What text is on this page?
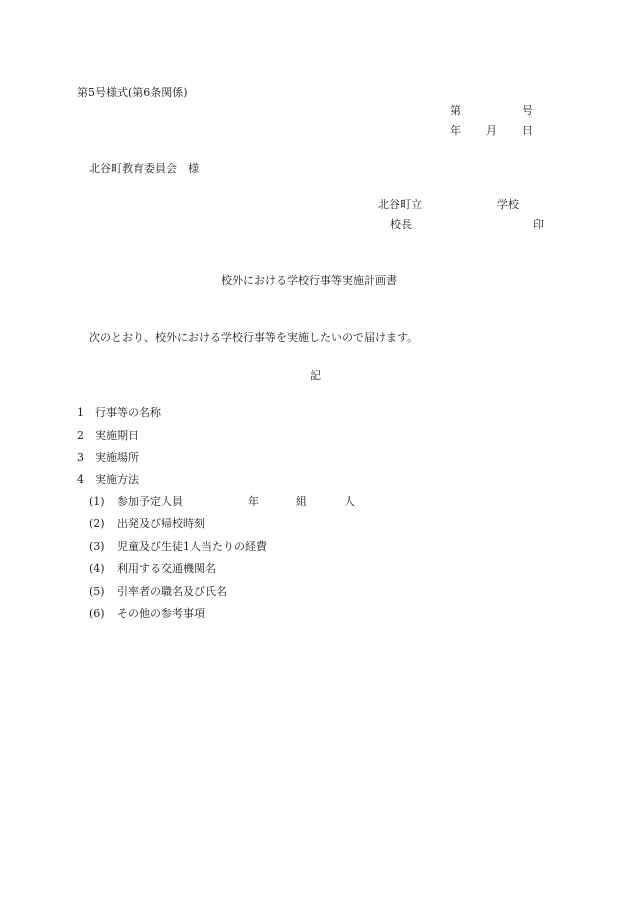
第5号様式(第6条関係)
第	号
年 月 日
北谷町教育委員会　様
北谷町立	学校
校長	印
校外における学校行事等実施計画書
次のとおり、校外における学校行事等を実施したいので届けます。
記
1 行事等の名称
2 実施期日
3 実施場所
4 実施方法
(1) 参加予定人員	年	組	人
(2) 出発及び帰校時刻
(3) 児童及び生徒1人当たりの経費
(4) 利用する交通機関名
(5) 引率者の職名及び氏名
(6) その他の参考事項
